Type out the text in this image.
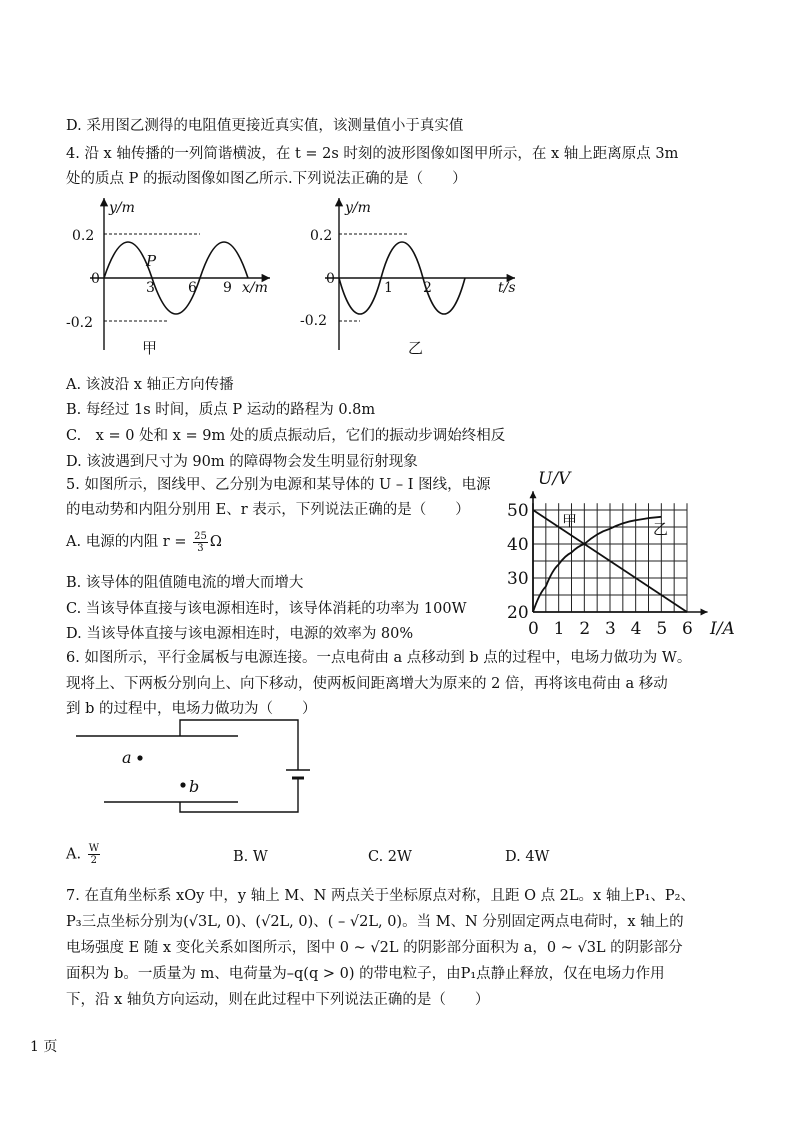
D. 采用图乙测得的电阻值更接近真实值，该测量值小于真实值
4. 沿 x 轴传播的一列简谐横波，在 t = 2s 时刻的波形图像如图甲所示，在 x 轴上距离原点 3m
处的质点 P 的振动图像如图乙所示.下列说法正确的是（　　）
y/m
0.2
-0.2
0
3 6 9 x/m
P
甲
y/m
0.2
-0.2
0
1 2	t/s
乙
A. 该波沿 x 轴正方向传播
B. 每经过 1s 时间，质点 P 运动的路程为 0.8m
C.　x = 0 处和 x = 9m 处的质点振动后，它们的振动步调始终相反
D. 该波遇到尺寸为 90m 的障碍物会发生明显衍射现象
5. 如图所示，图线甲、乙分别为电源和某导体的 U – I 图线，电源
的电动势和内阻分别用 E、r 表示，下列说法正确的是（　　）
A. 电源的内阻 $r = \frac{25}{3}$ Ω
B. 该导体的阻值随电流的增大而增大
C. 当该导体直接与该电源相连时，该导体消耗的功率为 100W
D. 当该导体直接与该电源相连时，电源的效率为 80%	0 1 2 3 4 5 6
20
30
40
50
U/V
I/A
甲	乙
6. 如图所示，平行金属板与电源连接。一点电荷由 a 点移动到 b 点的过程中，电场力做功为 W。
现将上、下两板分别向上、向下移动，使两板间距离增大为原来的 2 倍，再将该电荷由 a 移动
到 b 的过程中，电场力做功为（　　）
a
b
A. $\frac{W}{2}$	B. W	C. 2W	D. 4W
7. 在直角坐标系 xOy 中，y 轴上 M、N 两点关于坐标原点对称，且距 O 点 2L。x 轴上P₁、P₂、
P₃三点坐标分别为(√3L, 0)、(√2L, 0)、( – √2L, 0)。当 M、N 分别固定两点电荷时，x 轴上的
电场强度 E 随 x 变化关系如图所示，图中 0 ~ √2L 的阴影部分面积为 a，0 ~ √3L 的阴影部分
面积为 b。一质量为 m、电荷量为–q(q > 0) 的带电粒子，由P₁点静止释放，仅在电场力作用
下，沿 x 轴负方向运动，则在此过程中下列说法正确的是（　　）
1 页
